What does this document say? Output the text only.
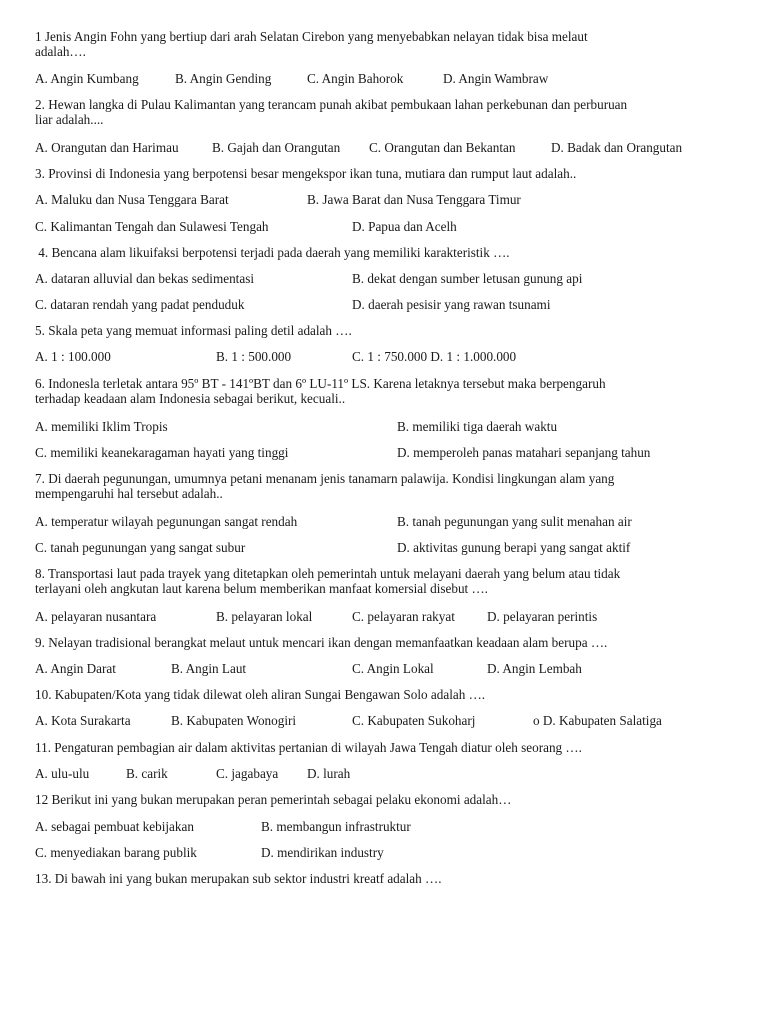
1 Jenis Angin Fohn yang bertiup dari arah Selatan Cirebon yang menyebabkan nelayan tidak bisa melaut
adalah….
A. Angin Kumbang	B. Angin Gending	C. Angin Bahorok	D. Angin Wambraw
2. Hewan langka di Pulau Kalimantan yang terancam punah akibat pembukaan lahan perkebunan dan perburuan
liar adalah....
A. Orangutan dan Harimau	B. Gajah dan Orangutan C. Orangutan dan Bekantan	D. Badak dan Orangutan
3. Provinsi di Indonesia yang berpotensi besar mengekspor ikan tuna, mutiara dan rumput laut adalah..
A. Maluku dan Nusa Tenggara Barat	B. Jawa Barat dan Nusa Tenggara Timur
C. Kalimantan Tengah dan Sulawesi Tengah	D. Papua dan Acelh
4. Bencana alam likuifaksi berpotensi terjadi pada daerah yang memiliki karakteristik ….
A. dataran alluvial dan bekas sedimentasi	B. dekat dengan sumber letusan gunung api
C. dataran rendah yang padat penduduk	D. daerah pesisir yang rawan tsunami
5. Skala peta yang memuat informasi paling detil adalah ….
A. 1 : 100.000	B. 1 : 500.000	C. 1 : 750.000 D. 1 : 1.000.000
6. Indonesla terletak antara 95º BT - 141ºBT dan 6º LU-11º LS. Karena letaknya tersebut maka berpengaruh
terhadap keadaan alam Indonesia sebagai berikut, kecuali..
A. memiliki Iklim Tropis	B. memiliki tiga daerah waktu
C. memiliki keanekaragaman hayati yang tinggi	D. memperoleh panas matahari sepanjang tahun
7. Di daerah pegunungan, umumnya petani menanam jenis tanamarn palawija. Kondisi lingkungan alam yang
mempengaruhi hal tersebut adalah..
A. temperatur wilayah pegunungan sangat rendah	B. tanah pegunungan yang sulit menahan air
C. tanah pegunungan yang sangat subur	D. aktivitas gunung berapi yang sangat aktif
8. Transportasi laut pada trayek yang ditetapkan oleh pemerintah untuk melayani daerah yang belum atau tidak
terlayani oleh angkutan laut karena belum memberikan manfaat komersial disebut ….
A. pelayaran nusantara	B. pelayaran lokal	C. pelayaran rakyat D. pelayaran perintis
9. Nelayan tradisional berangkat melaut untuk mencari ikan dengan memanfaatkan keadaan alam berupa ….
A. Angin Darat	B. Angin Laut	C. Angin Lokal	D. Angin Lembah
10. Kabupaten/Kota yang tidak dilewat oleh aliran Sungai Bengawan Solo adalah ….
A. Kota Surakarta	B. Kabupaten Wonogiri	C. Kabupaten Sukoharj	o D. Kabupaten Salatiga
11. Pengaturan pembagian air dalam aktivitas pertanian di wilayah Jawa Tengah diatur oleh seorang ….
A. ulu-ulu	B. carik	C. jagabaya D. lurah
12 Berikut ini yang bukan merupakan peran pemerintah sebagai pelaku ekonomi adalah…
A. sebagai pembuat kebijakan	B. membangun infrastruktur
C. menyediakan barang publik	D. mendirikan industry
13. Di bawah ini yang bukan merupakan sub sektor industri kreatf adalah ….
